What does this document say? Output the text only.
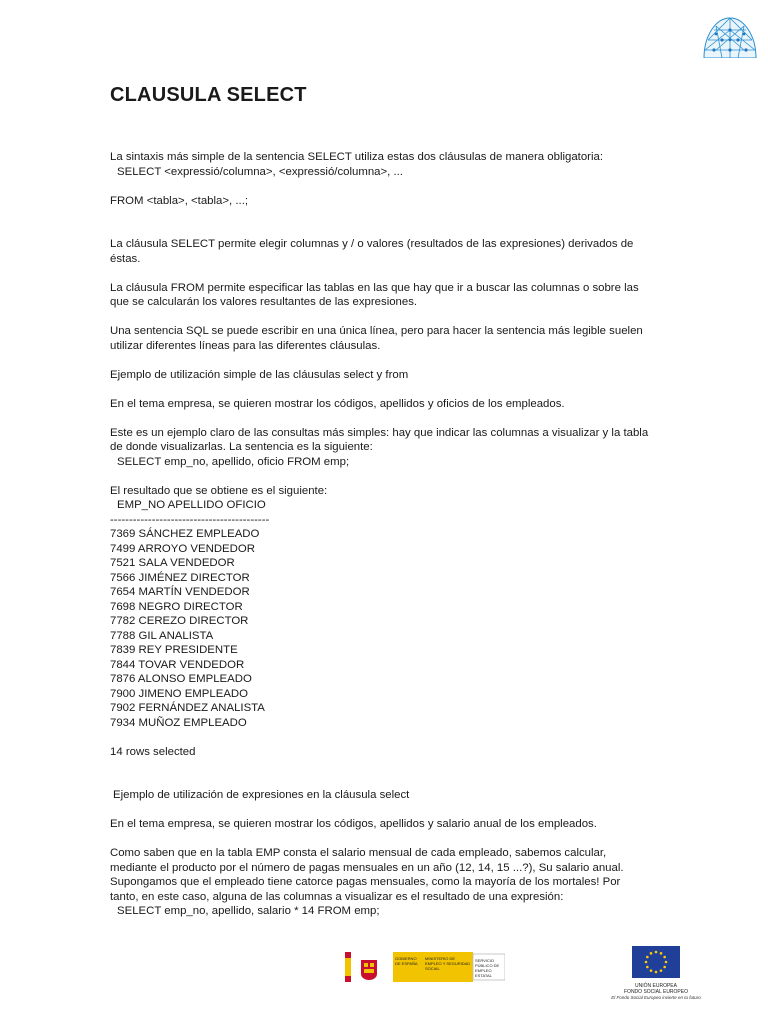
CLAUSULA SELECT

La sintaxis más simple de la sentencia SELECT utiliza estas dos cláusulas de manera obligatoria:

SELECT <expressió/columna>, <expressió/columna>, ...

FROM <tabla>, <tabla>, ...;

La cláusula SELECT permite elegir columnas y / o valores (resultados de las expresiones) derivados de éstas.

La cláusula FROM permite especificar las tablas en las que hay que ir a buscar las columnas o sobre las que se calcularán los valores resultantes de las expresiones.

Una sentencia SQL se puede escribir en una única línea, pero para hacer la sentencia más legible suelen utilizar diferentes líneas para las diferentes cláusulas.

Ejemplo de utilización simple de las cláusulas select y from

En el tema empresa, se quieren mostrar los códigos, apellidos y oficios de los empleados.

Este es un ejemplo claro de las consultas más simples: hay que indicar las columnas a visualizar y la tabla de donde visualizarlas. La sentencia es la siguiente:

SELECT emp_no, apellido, oficio FROM emp;

El resultado que se obtiene es el siguiente:

EMP_NO APELLIDO OFICIO

------------------------------------------

7369 SÁNCHEZ EMPLEADO

7499 ARROYO VENDEDOR

7521 SALA VENDEDOR

7566 JIMÉNEZ DIRECTOR

7654 MARTÍN VENDEDOR

7698 NEGRO DIRECTOR

7782 CEREZO DIRECTOR

7788 GIL ANALISTA

7839 REY PRESIDENTE

7844 TOVAR VENDEDOR

7876 ALONSO EMPLEADO

7900 JIMENO EMPLEADO

7902 FERNÁNDEZ ANALISTA

7934 MUÑOZ EMPLEADO

14 rows selected

Ejemplo de utilización de expresiones en la cláusula select

En el tema empresa, se quieren mostrar los códigos, apellidos y salario anual de los empleados.

Como saben que en la tabla EMP consta el salario mensual de cada empleado, sabemos calcular, mediante el producto por el número de pagas mensuales en un año (12, 14, 15 ...?), Su salario anual. Supongamos que el empleado tiene catorce pagas mensuales, como la mayoría de los mortales! Por tanto, en este caso, alguna de las columnas a visualizar es el resultado de una expresión:

SELECT emp_no, apellido, salario * 14 FROM emp;

GOBIERNO DE ESPAÑA
MINISTERIO DE EMPLEO Y SEGURIDAD SOCIAL
SERVICIO PÚBLICO DE EMPLEO ESTATAL
UNIÓN EUROPEA
FONDO SOCIAL EUROPEO
El Fondo Social Europeo invierte en tu futuro
